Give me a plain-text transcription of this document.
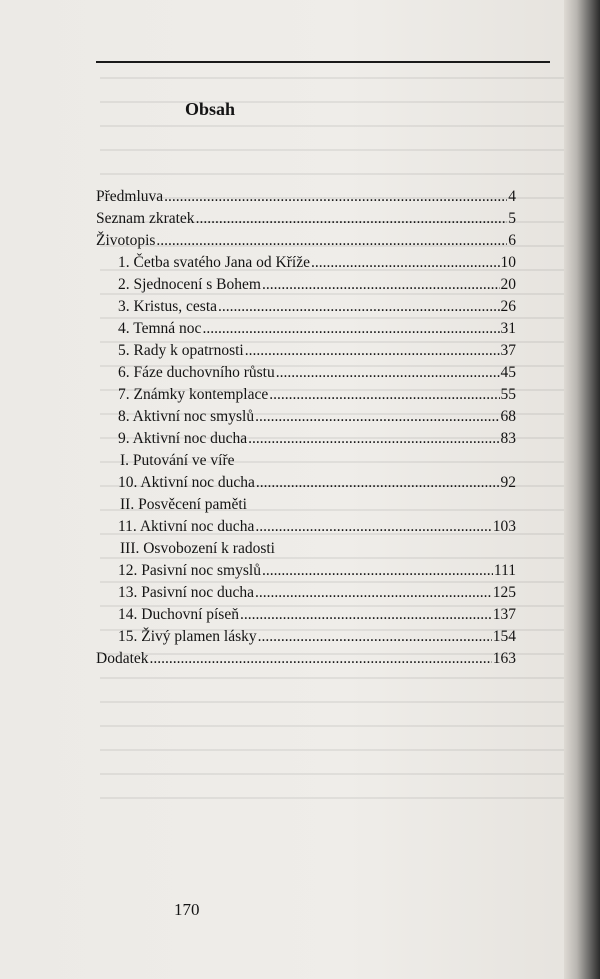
Obsah
Předmluva .....	4
Seznam zkratek .....	5
Životopis .....	6
1. Četba svatého Jana od Kříže .....	10
2. Sjednocení s Bohem .....	20
3. Kristus, cesta .....	26
4. Temná noc .....	31
5. Rady k opatrnosti .....	37
6. Fáze duchovního růstu .....	45
7. Známky kontemplace .....	55
8. Aktivní noc smyslů .....	68
9. Aktivní noc ducha .....	83
I. Putování ve víře
10. Aktivní noc ducha .....	92
II. Posvěcení paměti
11. Aktivní noc ducha .....	103
III. Osvobození k radosti
12. Pasivní noc smyslů .....	111
13. Pasivní noc ducha .....	125
14. Duchovní píseň .....	137
15. Živý plamen lásky .....	154
Dodatek .....	163
170
